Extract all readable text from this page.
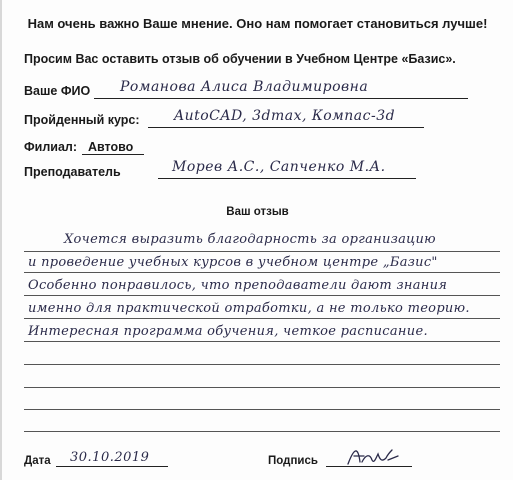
Нам очень важно Ваше мнение. Оно нам помогает становиться лучше!
Просим Вас оставить отзыв об обучении в Учебном Центре «Базис».
Ваше ФИО Романова Алиса Владимировна
Пройденный курс: AutoCAD, 3dmax, Компас-3d
Филиал: Автово
Преподаватель	Морев А.С., Сапченко М.А.
Ваш отзыв
Хочется выразить благодарность за организацию
и проведение учебных курсов в учебном центре „Базис"
Особенно понравилось, что преподаватели дают знания
именно для практической отработки, а не только теорию.
Интересная программа обучения, четкое расписание.
Дата 30.10.2019	Подпись
